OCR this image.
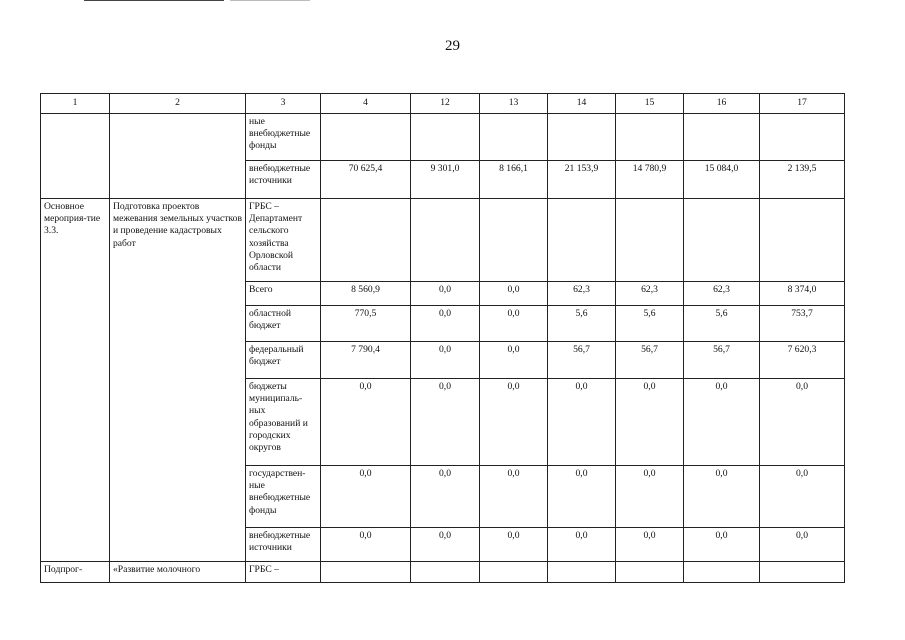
29
1	2	3	4	12	13	14	15	16	17
		ные внебюджетные фонды							
		внебюджетные источники	70 625,4	9 301,0	8 166,1	21 153,9	14 780,9	15 084,0	2 139,5
Основное мероприя-тие 3.3.	Подготовка проектов межевания земельных участков и проведение кадастровых работ	ГРБС – Департамент сельского хозяйства Орловской области							
		Всего	8 560,9	0,0	0,0	62,3	62,3	62,3	8 374,0
		областной бюджет	770,5	0,0	0,0	5,6	5,6	5,6	753,7
		федеральный бюджет	7 790,4	0,0	0,0	56,7	56,7	56,7	7 620,3
		бюджеты муниципаль-ных образований и городских округов	0,0	0,0	0,0	0,0	0,0	0,0	0,0
		государствен-ные внебюджетные фонды	0,0	0,0	0,0	0,0	0,0	0,0	0,0
		внебюджетные источники	0,0	0,0	0,0	0,0	0,0	0,0	0,0
Подпрог-	«Развитие молочного	ГРБС –							
